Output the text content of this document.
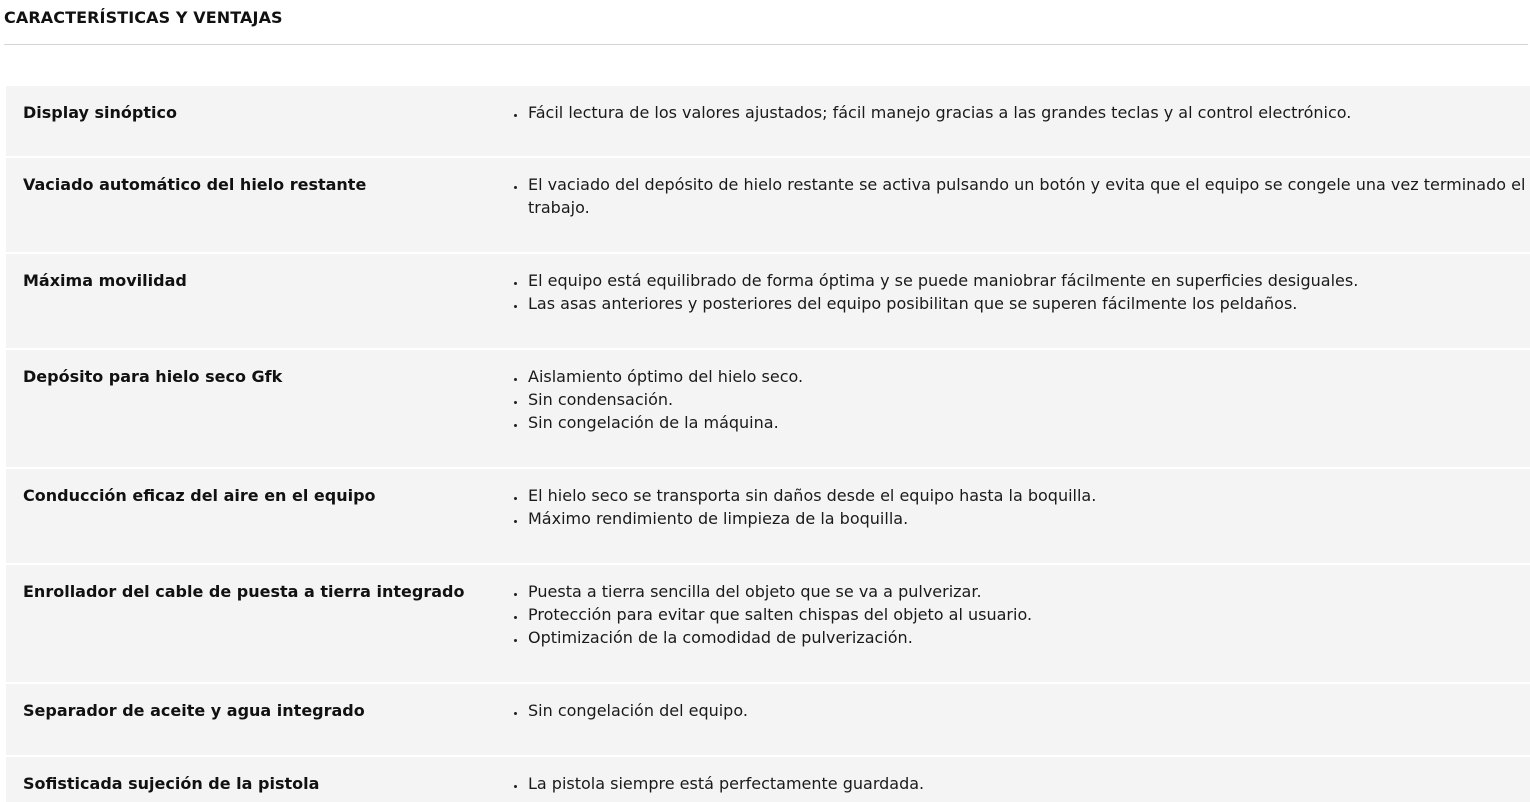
CARACTERÍSTICAS Y VENTAJAS
Display sinóptico	Fácil lectura de los valores ajustados; fácil manejo gracias a las grandes teclas y al control electrónico.
Vaciado automático del hielo restante	El vaciado del depósito de hielo restante se activa pulsando un botón y evita que el equipo se congele una vez terminado el trabajo.
Máxima movilidad	El equipo está equilibrado de forma óptima y se puede maniobrar fácilmente en superficies desiguales.
Las asas anteriores y posteriores del equipo posibilitan que se superen fácilmente los peldaños.
Depósito para hielo seco Gfk	Aislamiento óptimo del hielo seco.
Sin condensación.
Sin congelación de la máquina.
Conducción eficaz del aire en el equipo	El hielo seco se transporta sin daños desde el equipo hasta la boquilla.
Máximo rendimiento de limpieza de la boquilla.
Enrollador del cable de puesta a tierra integrado	Puesta a tierra sencilla del objeto que se va a pulverizar.
Protección para evitar que salten chispas del objeto al usuario.
Optimización de la comodidad de pulverización.
Separador de aceite y agua integrado	Sin congelación del equipo.
Sofisticada sujeción de la pistola	La pistola siempre está perfectamente guardada.
